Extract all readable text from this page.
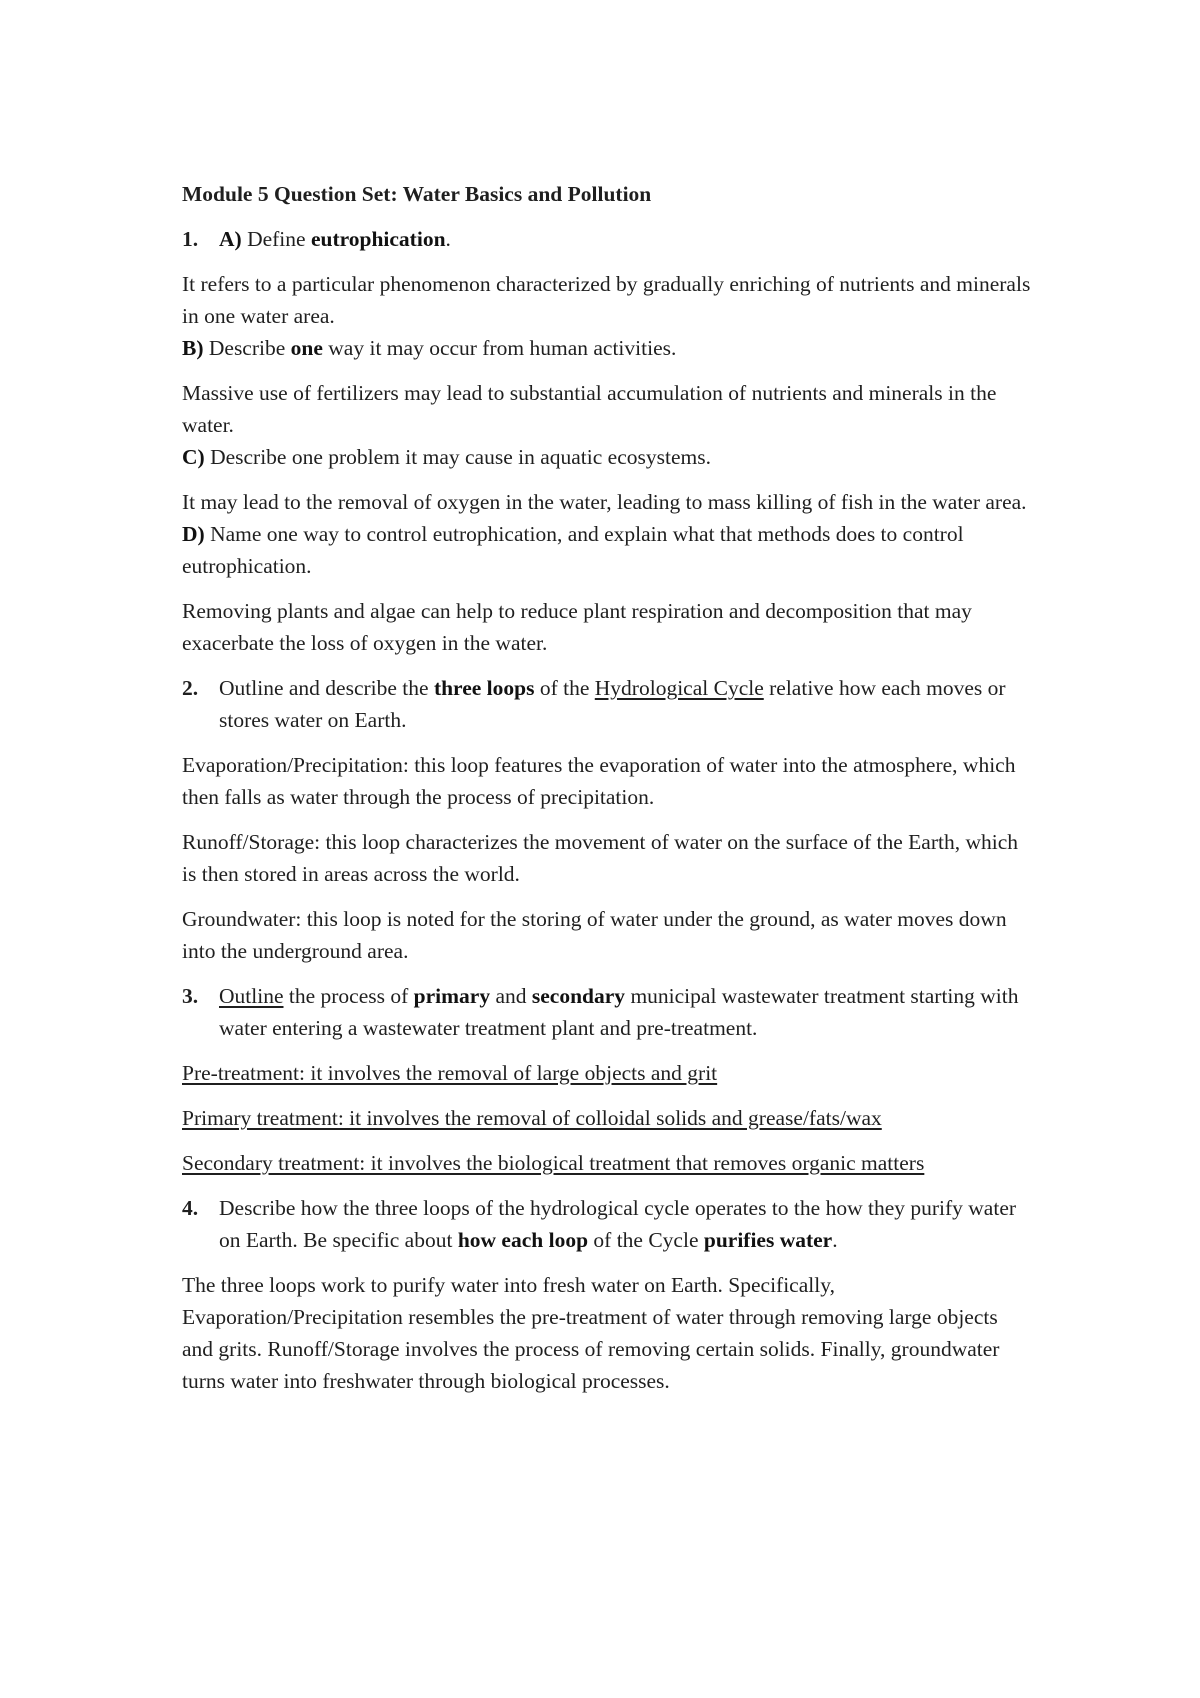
Module 5 Question Set: Water Basics and Pollution

1. A) Define eutrophication.

It refers to a particular phenomenon characterized by gradually enriching of nutrients and minerals in one water area.

B) Describe one way it may occur from human activities.

Massive use of fertilizers may lead to substantial accumulation of nutrients and minerals in the water.

C) Describe one problem it may cause in aquatic ecosystems.

It may lead to the removal of oxygen in the water, leading to mass killing of fish in the water area.

D) Name one way to control eutrophication, and explain what that methods does to control eutrophication.

Removing plants and algae can help to reduce plant respiration and decomposition that may exacerbate the loss of oxygen in the water.

2. Outline and describe the three loops of the Hydrological Cycle relative how each moves or stores water on Earth.

Evaporation/Precipitation: this loop features the evaporation of water into the atmosphere, which then falls as water through the process of precipitation.

Runoff/Storage: this loop characterizes the movement of water on the surface of the Earth, which is then stored in areas across the world.

Groundwater: this loop is noted for the storing of water under the ground, as water moves down into the underground area.

3. Outline the process of primary and secondary municipal wastewater treatment starting with water entering a wastewater treatment plant and pre-treatment.

Pre-treatment: it involves the removal of large objects and grit

Primary treatment: it involves the removal of colloidal solids and grease/fats/wax

Secondary treatment: it involves the biological treatment that removes organic matters

4. Describe how the three loops of the hydrological cycle operates to the how they purify water on Earth. Be specific about how each loop of the Cycle purifies water.

The three loops work to purify water into fresh water on Earth. Specifically, Evaporation/Precipitation resembles the pre-treatment of water through removing large objects and grits. Runoff/Storage involves the process of removing certain solids. Finally, groundwater turns water into freshwater through biological processes.
